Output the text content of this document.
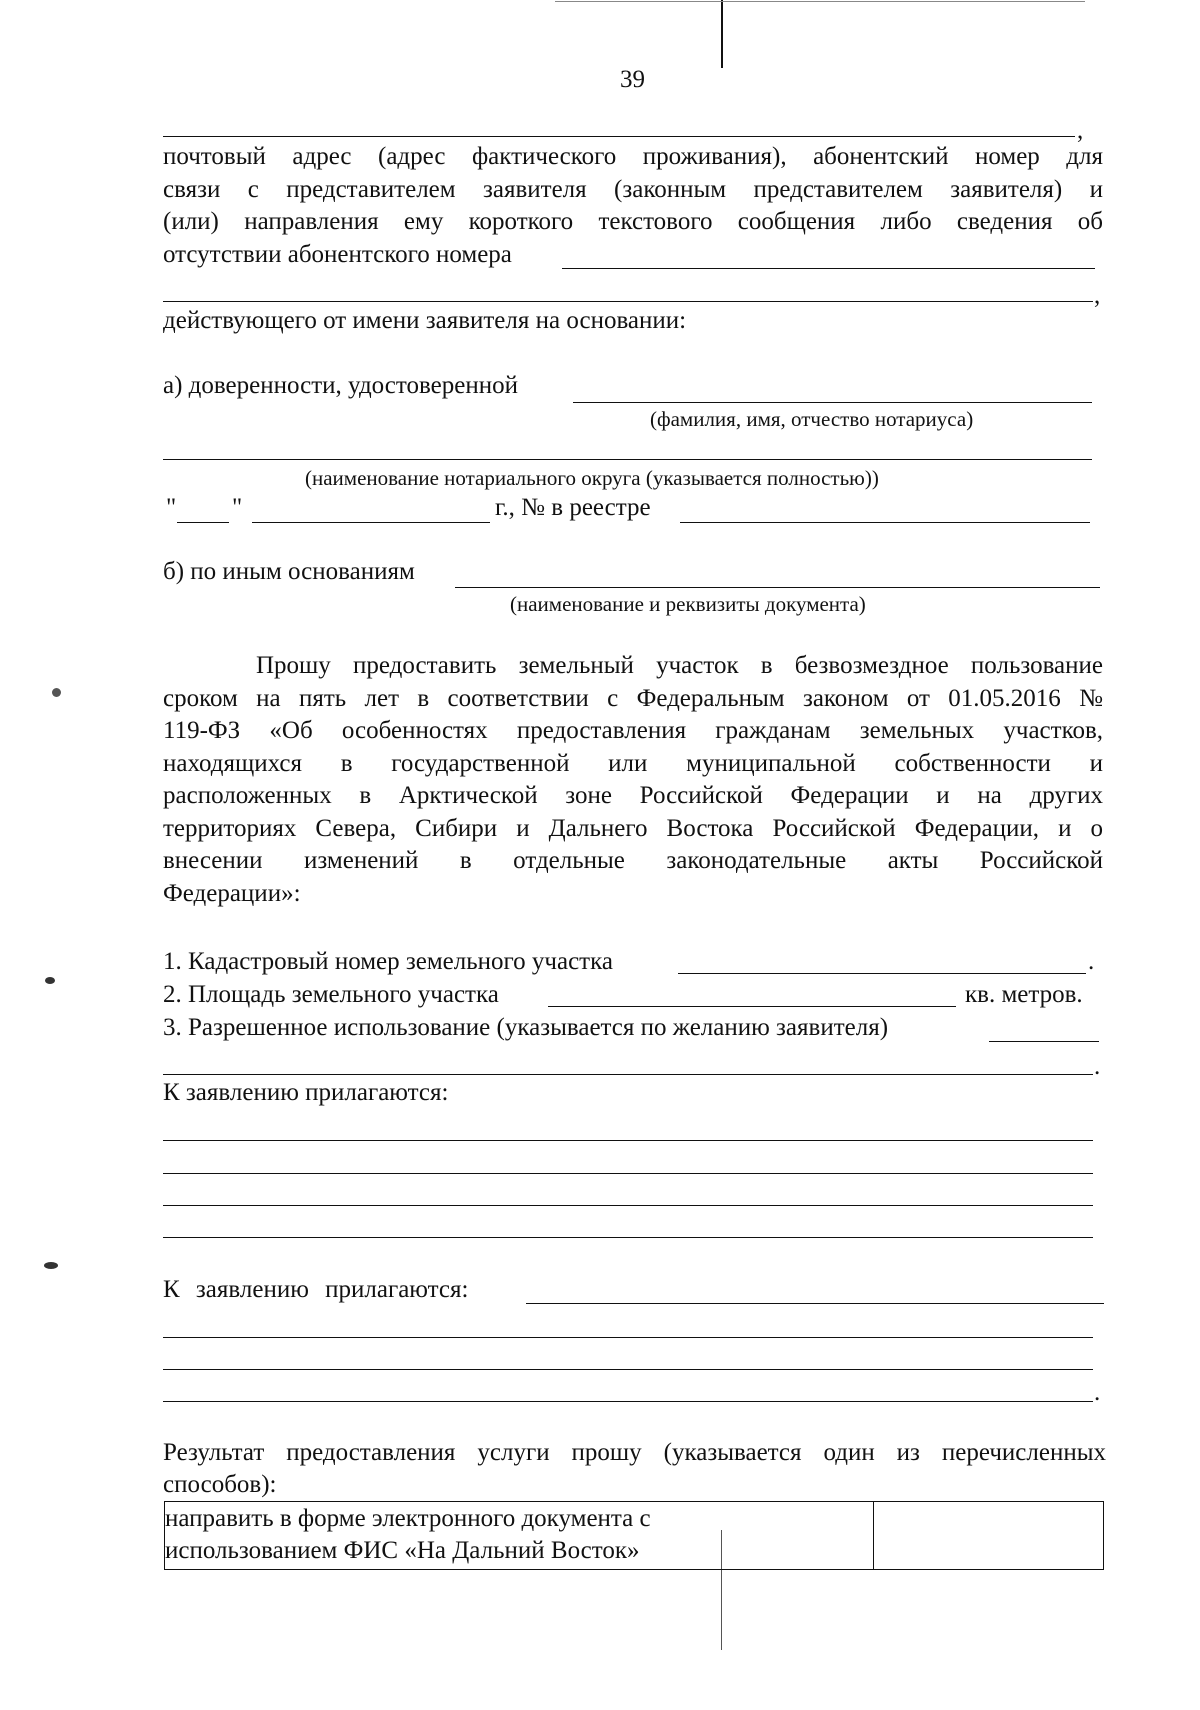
39
,
почтовый адрес (адрес фактического проживания), абонентский номер для
связи с представителем заявителя (законным представителем заявителя) и
(или) направления ему короткого текстового сообщения либо сведения об
отсутствии абонентского номера
,
действующего от имени заявителя на основании:
а) доверенности, удостоверенной
(фамилия, имя, отчество нотариуса)
(наименование нотариального округа (указывается полностью))
" "	г., № в реестре
б) по иным основаниям
(наименование и реквизиты документа)
Прошу предоставить земельный участок в безвозмездное пользование
сроком на пять лет в соответствии с Федеральным законом от 01.05.2016 №
119-ФЗ «Об особенностях предоставления гражданам земельных участков,
находящихся в государственной или муниципальной собственности и
расположенных в Арктической зоне Российской Федерации и на других
территориях Севера, Сибири и Дальнего Востока Российской Федерации, и о
внесении изменений в отдельные законодательные акты Российской
Федерации»:
1. Кадастровый номер земельного участка	.
2. Площадь земельного участка	кв. метров.
3. Разрешенное использование (указывается по желанию заявителя)
.
К заявлению прилагаются:
К заявлению прилагаются:
.
Результат предоставления услуги прошу (указывается один из перечисленных
способов):
направить в форме электронного документа с
использованием ФИС «На Дальний Восток»
